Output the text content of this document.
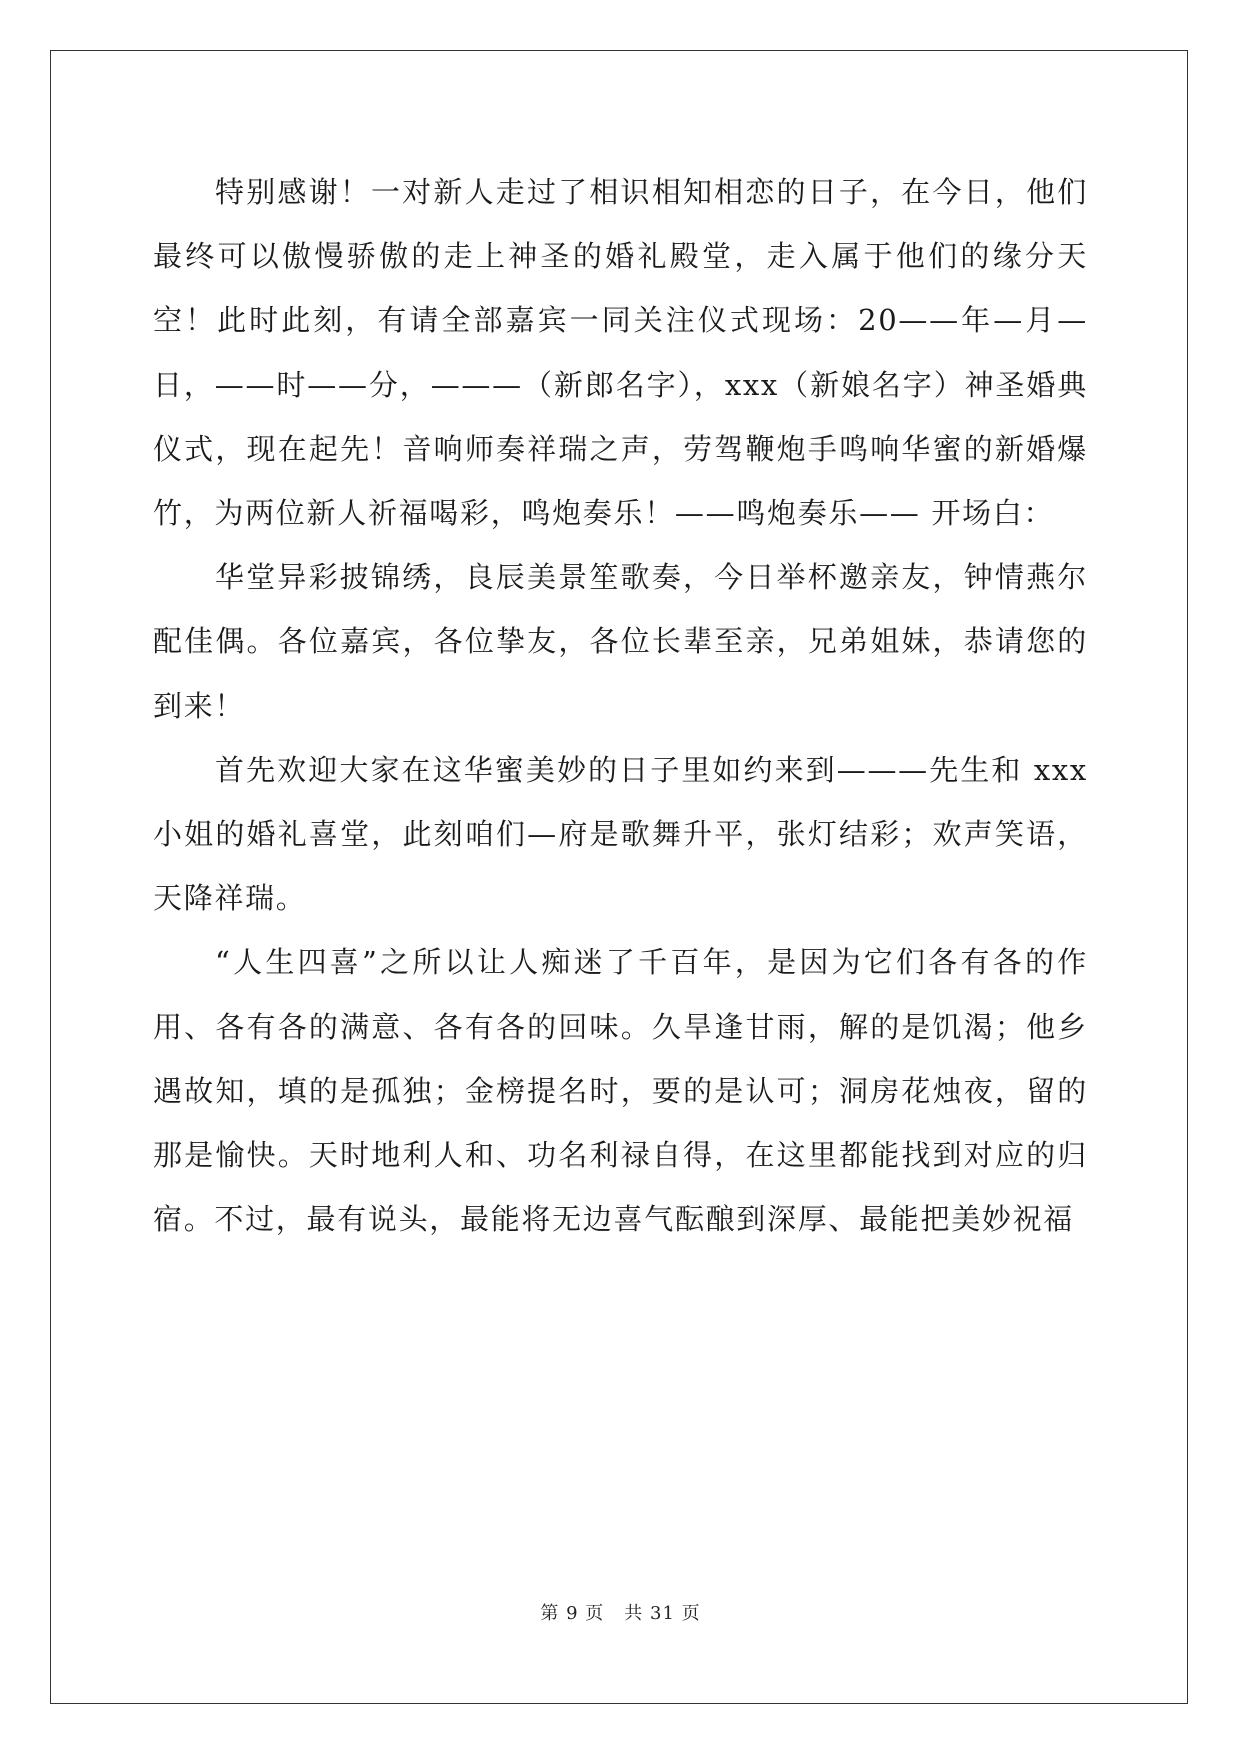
特别感谢！一对新人走过了相识相知相恋的日子，在今日，他们最终可以傲慢骄傲的走上神圣的婚礼殿堂，走入属于他们的缘分天空！此时此刻，有请全部嘉宾一同关注仪式现场：20——年—月—日，——时——分，———（新郎名字），xxx（新娘名字）神圣婚典仪式，现在起先！音响师奏祥瑞之声，劳驾鞭炮手鸣响华蜜的新婚爆竹，为两位新人祈福喝彩，鸣炮奏乐！——鸣炮奏乐—— 开场白：

华堂异彩披锦绣，良辰美景笙歌奏，今日举杯邀亲友，钟情燕尔配佳偶。各位嘉宾，各位挚友，各位长辈至亲，兄弟姐妹，恭请您的到来！

首先欢迎大家在这华蜜美妙的日子里如约来到———先生和 xxx 小姐的婚礼喜堂，此刻咱们—府是歌舞升平，张灯结彩；欢声笑语，天降祥瑞。

“人生四喜”之所以让人痴迷了千百年，是因为它们各有各的作用、各有各的满意、各有各的回味。久旱逢甘雨，解的是饥渴；他乡遇故知，填的是孤独；金榜提名时，要的是认可；洞房花烛夜，留的那是愉快。天时地利人和、功名利禄自得，在这里都能找到对应的归宿。不过，最有说头，最能将无边喜气酝酿到深厚、最能把美妙祝福

第 9 页 共 31 页
